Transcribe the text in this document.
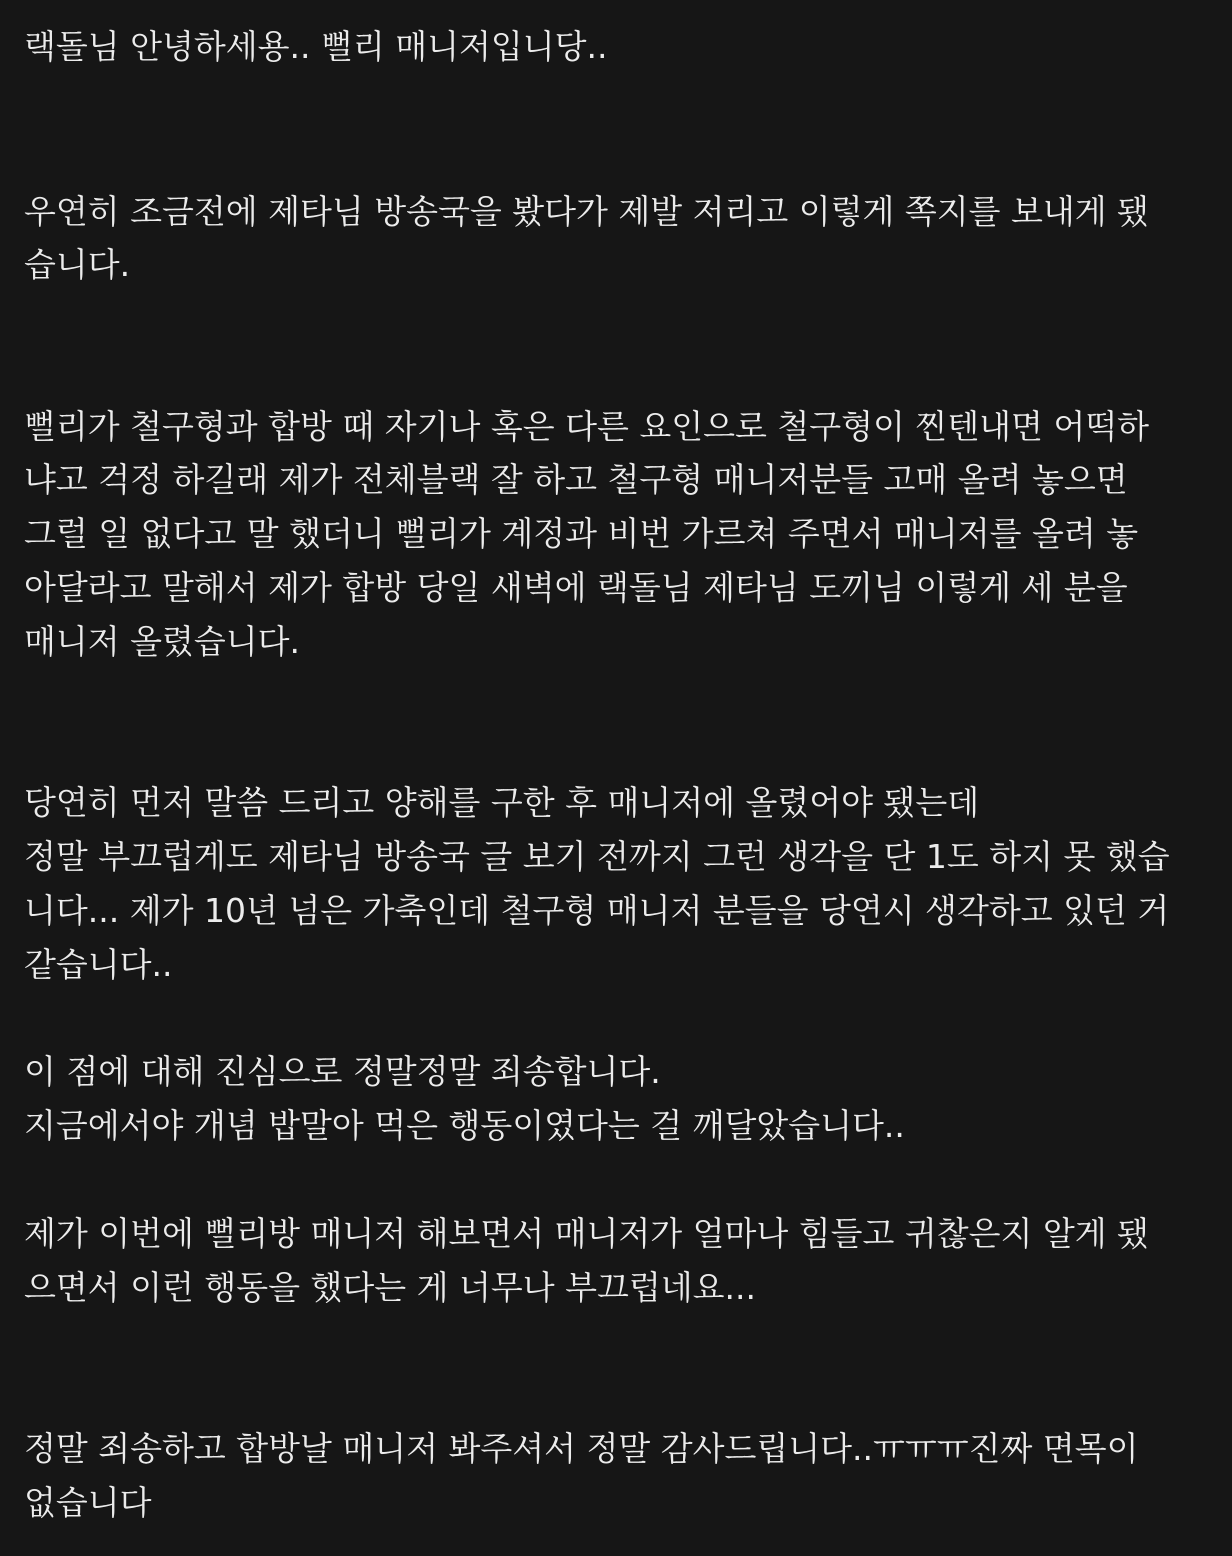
랙돌님 안녕하세용.. 뻘리 매니저입니당..
우연히 조금전에 제타님 방송국을 봤다가 제발 저리고 이렇게 쪽지를 보내게 됐
습니다.
뻘리가 철구형과 합방 때 자기나 혹은 다른 요인으로 철구형이 찐텐내면 어떡하
냐고 걱정 하길래 제가 전체블랙 잘 하고 철구형 매니저분들 고매 올려 놓으면
그럴 일 없다고 말 했더니 뻘리가 계정과 비번 가르쳐 주면서 매니저를 올려 놓
아달라고 말해서 제가 합방 당일 새벽에 랙돌님 제타님 도끼님 이렇게 세 분을
매니저 올렸습니다.
당연히 먼저 말씀 드리고 양해를 구한 후 매니저에 올렸어야 됐는데
정말 부끄럽게도 제타님 방송국 글 보기 전까지 그런 생각을 단 1도 하지 못 했습
니다... 제가 10년 넘은 가축인데 철구형 매니저 분들을 당연시 생각하고 있던 거
같습니다..
이 점에 대해 진심으로 정말정말 죄송합니다.
지금에서야 개념 밥말아 먹은 행동이였다는 걸 깨달았습니다..
제가 이번에 뻘리방 매니저 해보면서 매니저가 얼마나 힘들고 귀찮은지 알게 됐
으면서 이런 행동을 했다는 게 너무나 부끄럽네요...
정말 죄송하고 합방날 매니저 봐주셔서 정말 감사드립니다..ㅠㅠㅠ진짜 면목이
없습니다
